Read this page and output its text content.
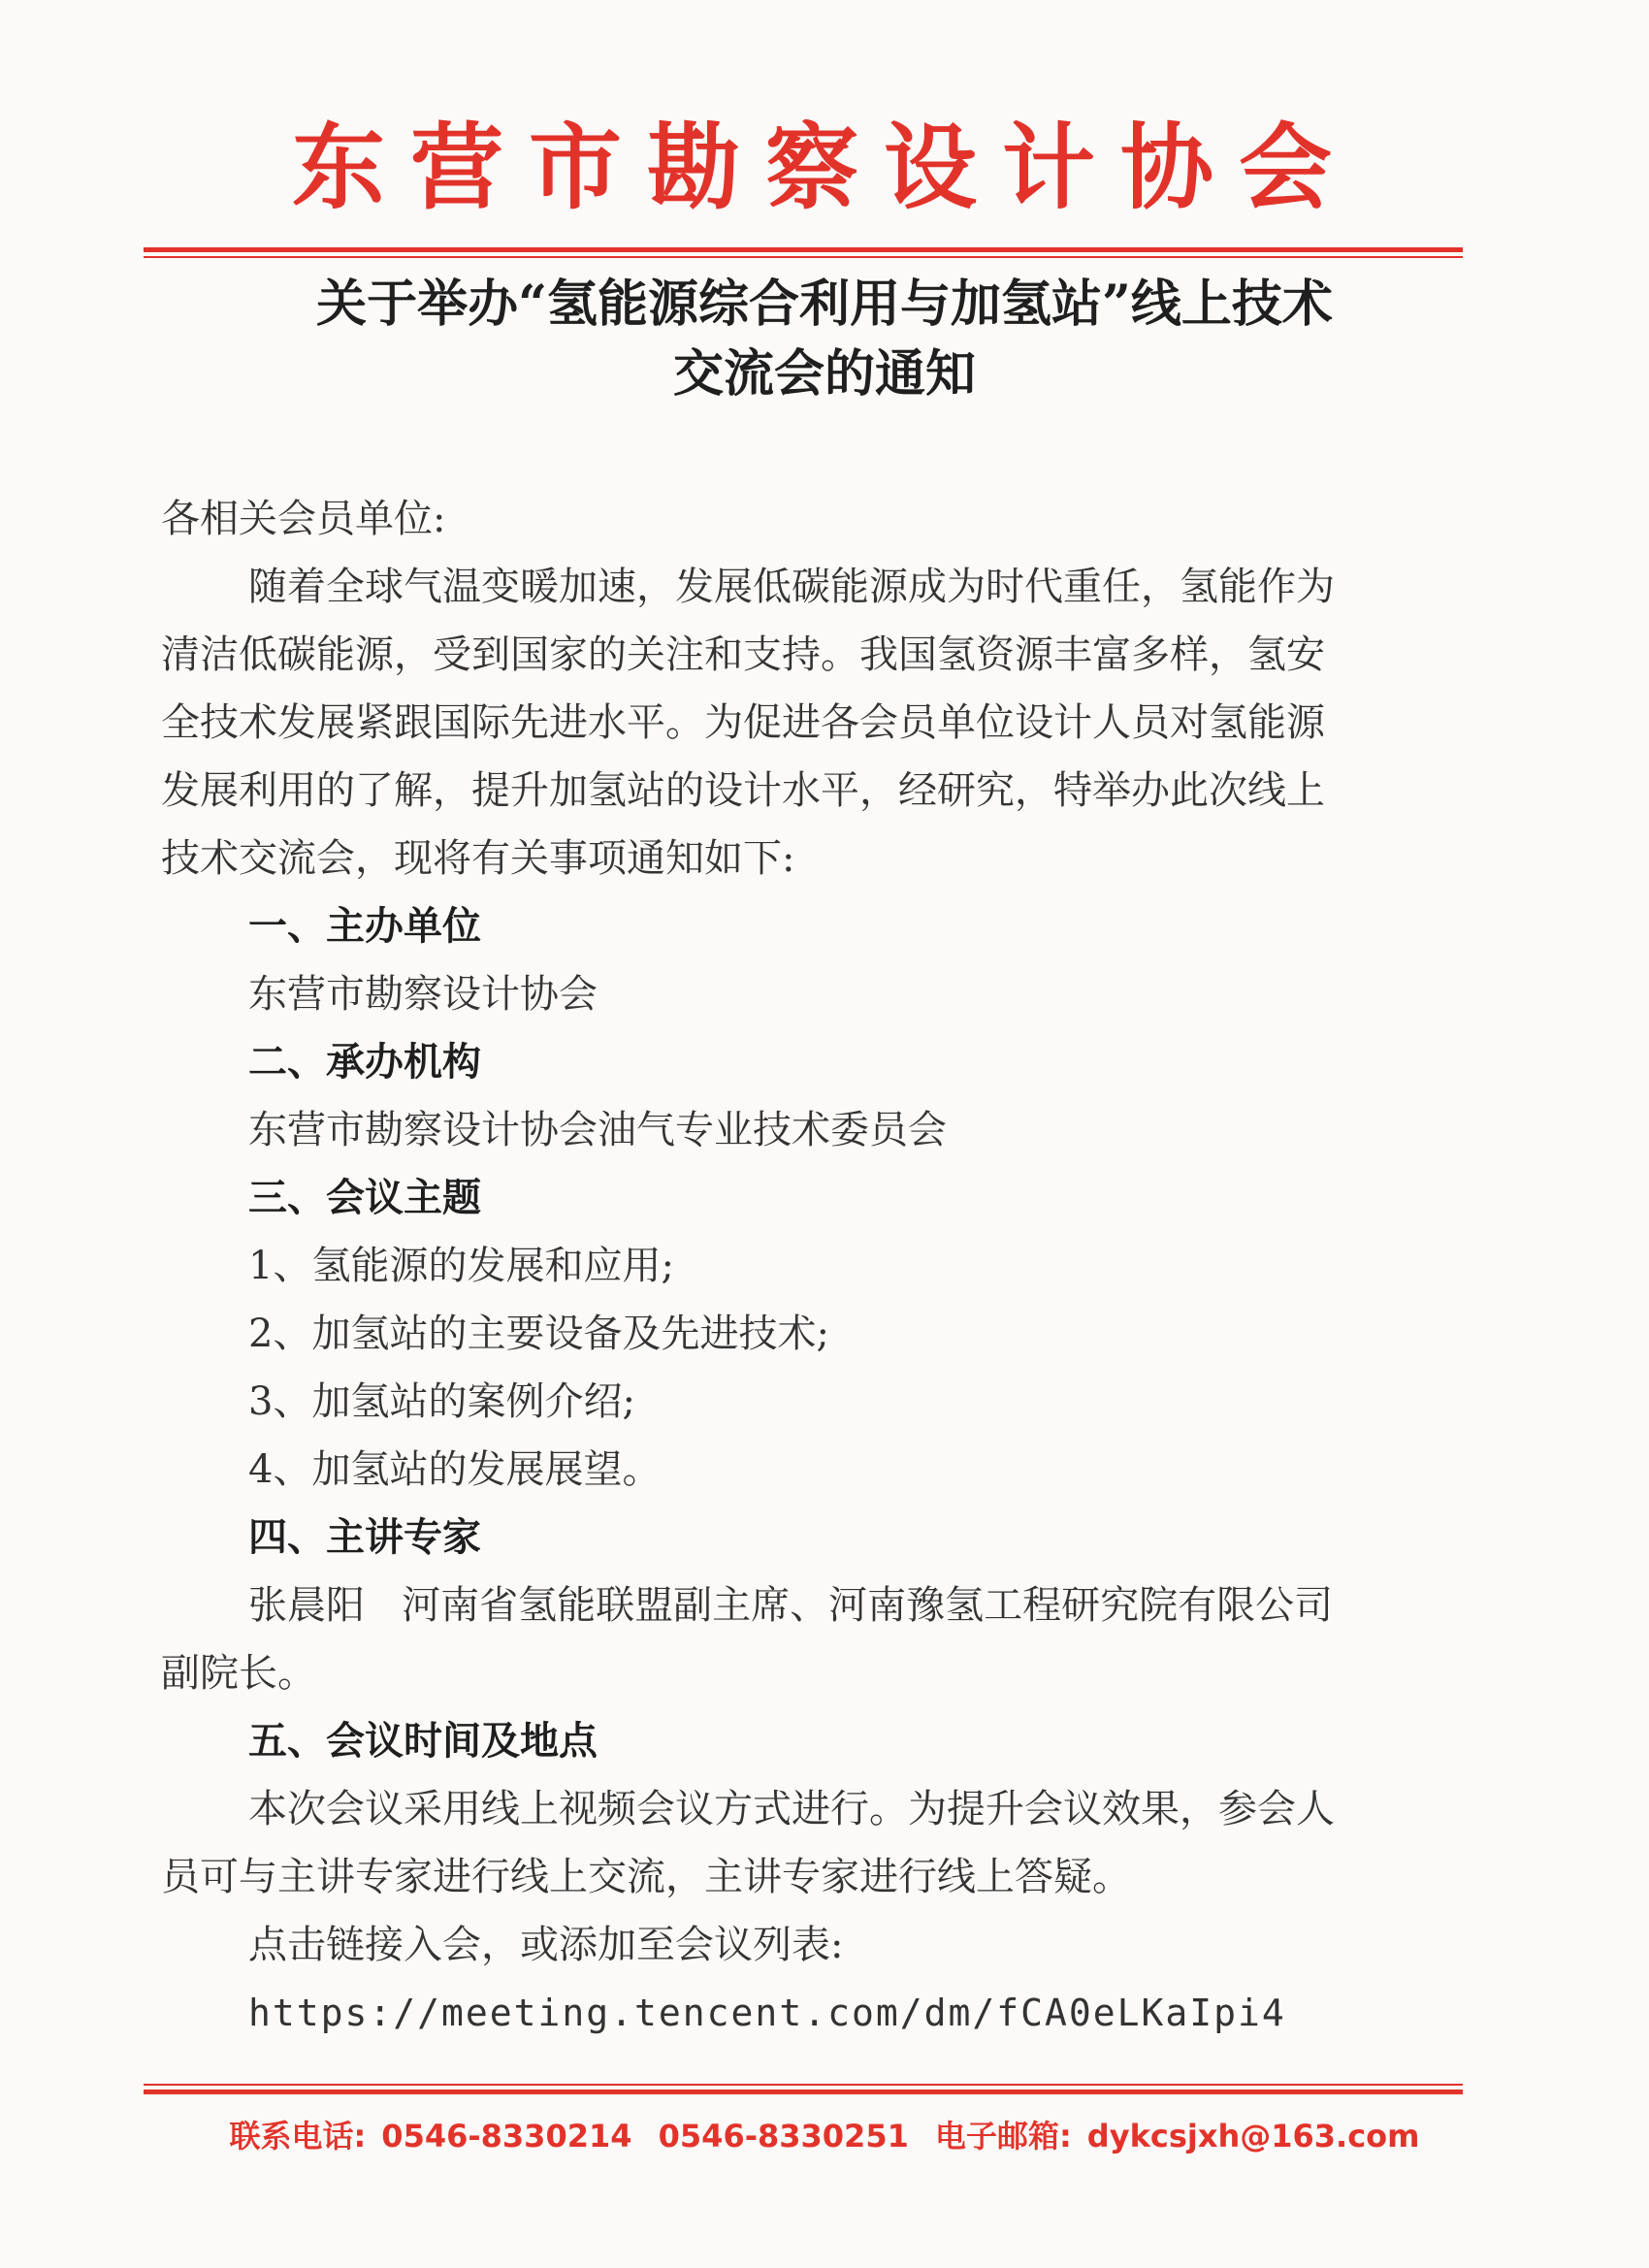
东营市勘察设计协会
关于举办“氢能源综合利用与加氢站”线上技术
交流会的通知
各相关会员单位:
随着全球气温变暖加速，发展低碳能源成为时代重任，氢能作为
清洁低碳能源，受到国家的关注和支持。我国氢资源丰富多样，氢安
全技术发展紧跟国际先进水平。为促进各会员单位设计人员对氢能源
发展利用的了解，提升加氢站的设计水平，经研究，特举办此次线上
技术交流会，现将有关事项通知如下:
一、主办单位
东营市勘察设计协会
二、承办机构
东营市勘察设计协会油气专业技术委员会
三、会议主题
1、氢能源的发展和应用;
2、加氢站的主要设备及先进技术;
3、加氢站的案例介绍;
4、加氢站的发展展望。
四、主讲专家
张晨阳   河南省氢能联盟副主席、河南豫氢工程研究院有限公司
副院长。
五、会议时间及地点
本次会议采用线上视频会议方式进行。为提升会议效果，参会人
员可与主讲专家进行线上交流，主讲专家进行线上答疑。
点击链接入会，或添加至会议列表:
https://meeting.tencent.com/dm/fCA0eLKaIpi4
联系电话: 0546-8330214 0546-8330251 电子邮箱: dykcsjxh@163.com
